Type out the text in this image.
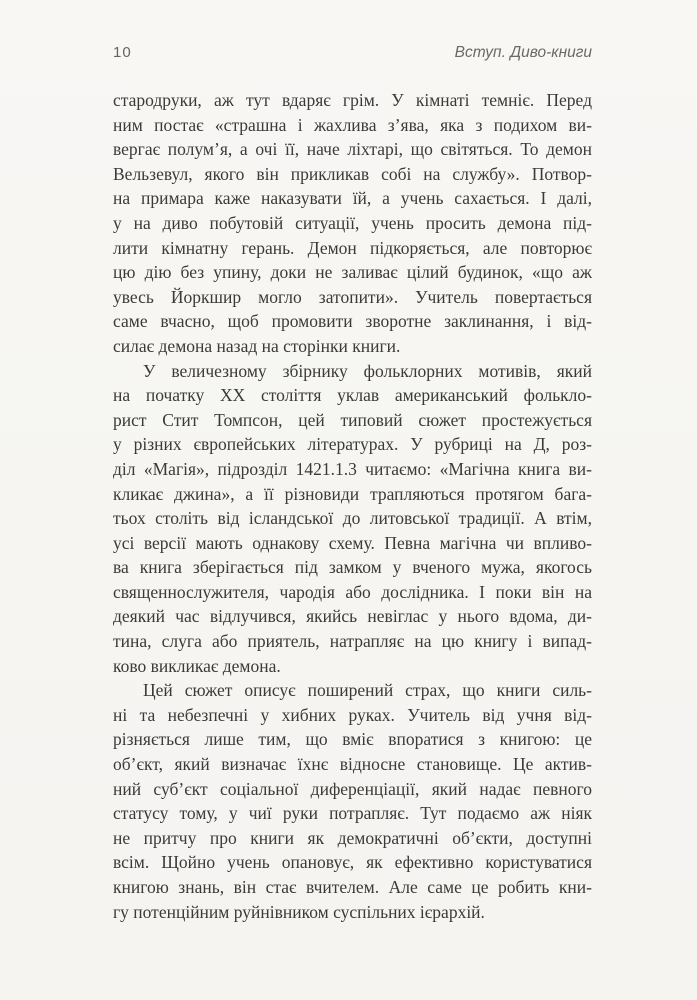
10	Вступ. Диво-книги
стародруки, аж тут вдаряє грім. У кімнаті темніє. Перед
ним постає «страшна і жахлива з’ява, яка з подихом ви-
вергає полум’я, а очі її, наче ліхтарі, що світяться. То демон
Вельзевул, якого він прикликав собі на службу». Потвор-
на примара каже наказувати їй, а учень сахається. І далі,
у на диво побутовій ситуації, учень просить демона під-
лити кімнатну герань. Демон підкоряється, але повторює
цю дію без упину, доки не заливає цілий будинок, «що аж
увесь Йоркшир могло затопити». Учитель повертається
саме вчасно, щоб промовити зворотне заклинання, і від-
силає демона назад на сторінки книги.
У величезному збірнику фольклорних мотивів, який
на початку XX століття уклав американський фолькло-
рист Стит Томпсон, цей типовий сюжет простежується
у різних європейських літературах. У рубриці на Д, роз-
діл «Магія», підрозділ 1421.1.3 читаємо: «Магічна книга ви-
кликає джина», а її різновиди трапляються протягом бага-
тьох століть від ісландської до литовської традиції. А втім,
усі версії мають однакову схему. Певна магічна чи впливо-
ва книга зберігається під замком у вченого мужа, якогось
священнослужителя, чародія або дослідника. І поки він на
деякий час відлучився, якийсь невіглас у нього вдома, ди-
тина, слуга або приятель, натрапляє на цю книгу і випад-
ково викликає демона.
Цей сюжет описує поширений страх, що книги силь-
ні та небезпечні у хибних руках. Учитель від учня від-
різняється лише тим, що вміє впоратися з книгою: це
об’єкт, який визначає їхнє відносне становище. Це актив-
ний суб’єкт соціальної диференціації, який надає певного
статусу тому, у чиї руки потрапляє. Тут подаємо аж ніяк
не притчу про книги як демократичні об’єкти, доступні
всім. Щойно учень опановує, як ефективно користуватися
книгою знань, він стає вчителем. Але саме це робить кни-
гу потенційним руйнівником суспільних ієрархій.
